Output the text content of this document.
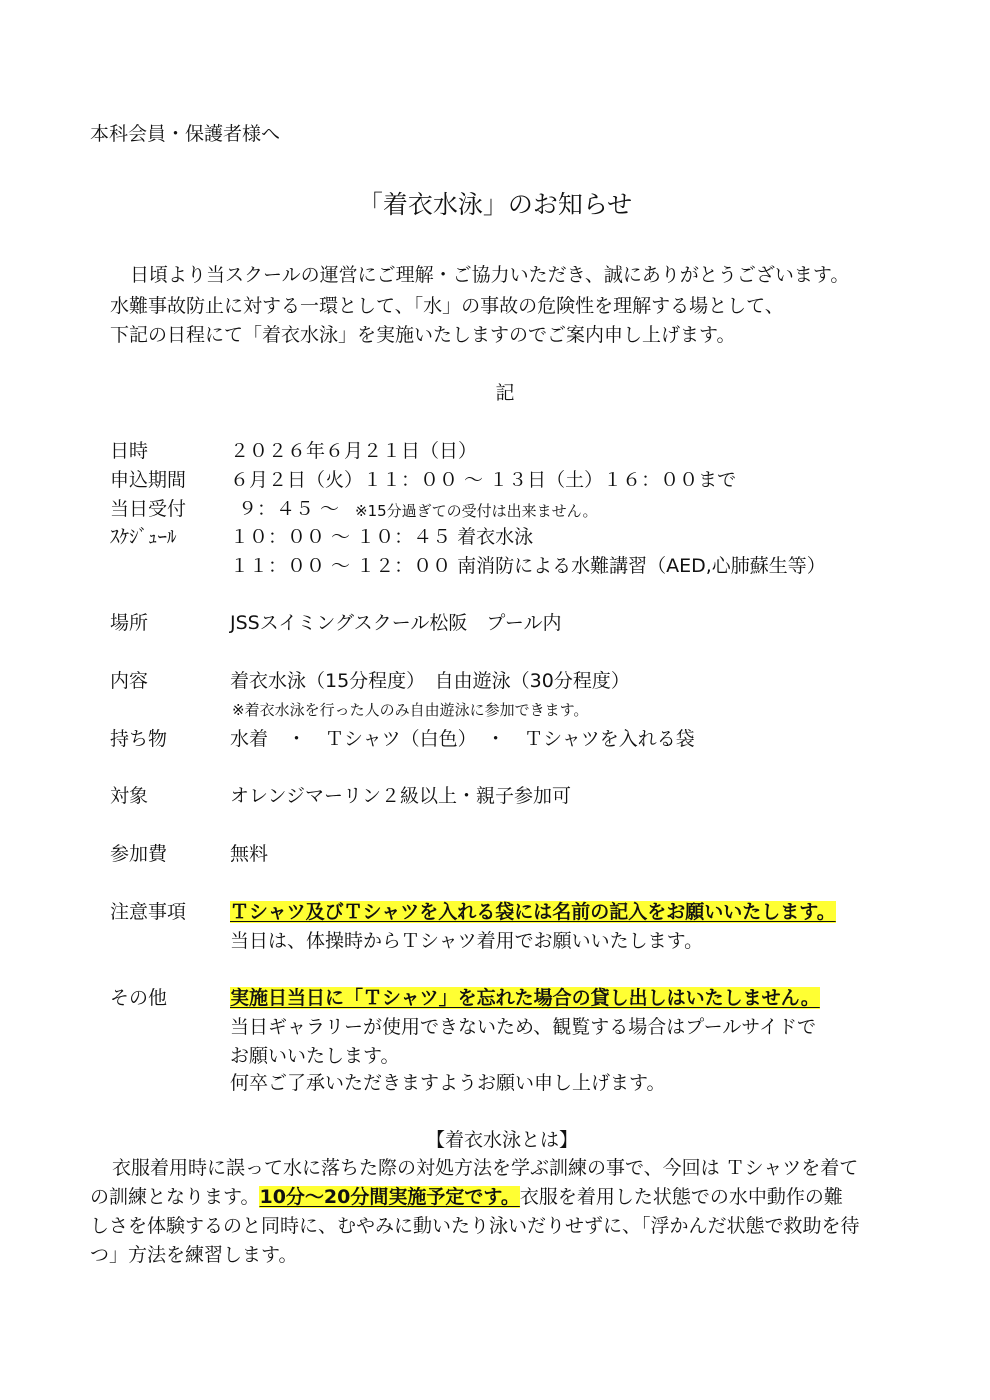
本科会員・保護者様へ
「着衣水泳」のお知らせ
日頃より当スクールの運営にご理解・ご協力いただき、誠にありがとうございます。
水難事故防止に対する一環として、「水」の事故の危険性を理解する場として、
下記の日程にて「着衣水泳」を実施いたしますのでご案内申し上げます。
記
日時	２０２６年６月２１日（日）
申込期間 ６月２日（火）１１：００ ～ １３日（土）１６：００まで
当日受付	９：４５ ～ ※15分過ぎての受付は出来ません。
ｽｹｼﾞｭｰﾙ	１０：００ ～ １０：４５ 着衣水泳
１１：００ ～ １２：００ 南消防による水難講習（AED,心肺蘇生等）
場所	JSSスイミングスクール松阪　プール内
内容	着衣水泳（15分程度）　自由遊泳（30分程度）
※着衣水泳を行った人のみ自由遊泳に参加できます。
持ち物	水着　・　Ｔシャツ（白色）　・　Ｔシャツを入れる袋
対象	オレンジマーリン２級以上・親子参加可
参加費	無料
注意事項 Ｔシャツ及びＴシャツを入れる袋には名前の記入をお願いいたします。
当日は、体操時からＴシャツ着用でお願いいたします。
その他	実施日当日に「Ｔシャツ」を忘れた場合の貸し出しはいたしません。
当日ギャラリーが使用できないため、観覧する場合はプールサイドで
お願いいたします。
何卒ご了承いただきますようお願い申し上げます。
【着衣水泳とは】
衣服着用時に誤って水に落ちた際の対処方法を学ぶ訓練の事で、今回は Ｔシャツを着て
の訓練となります。10分～20分間実施予定です。衣服を着用した状態での水中動作の難
しさを体験するのと同時に、むやみに動いたり泳いだりせずに、「浮かんだ状態で救助を待
つ」方法を練習します。
